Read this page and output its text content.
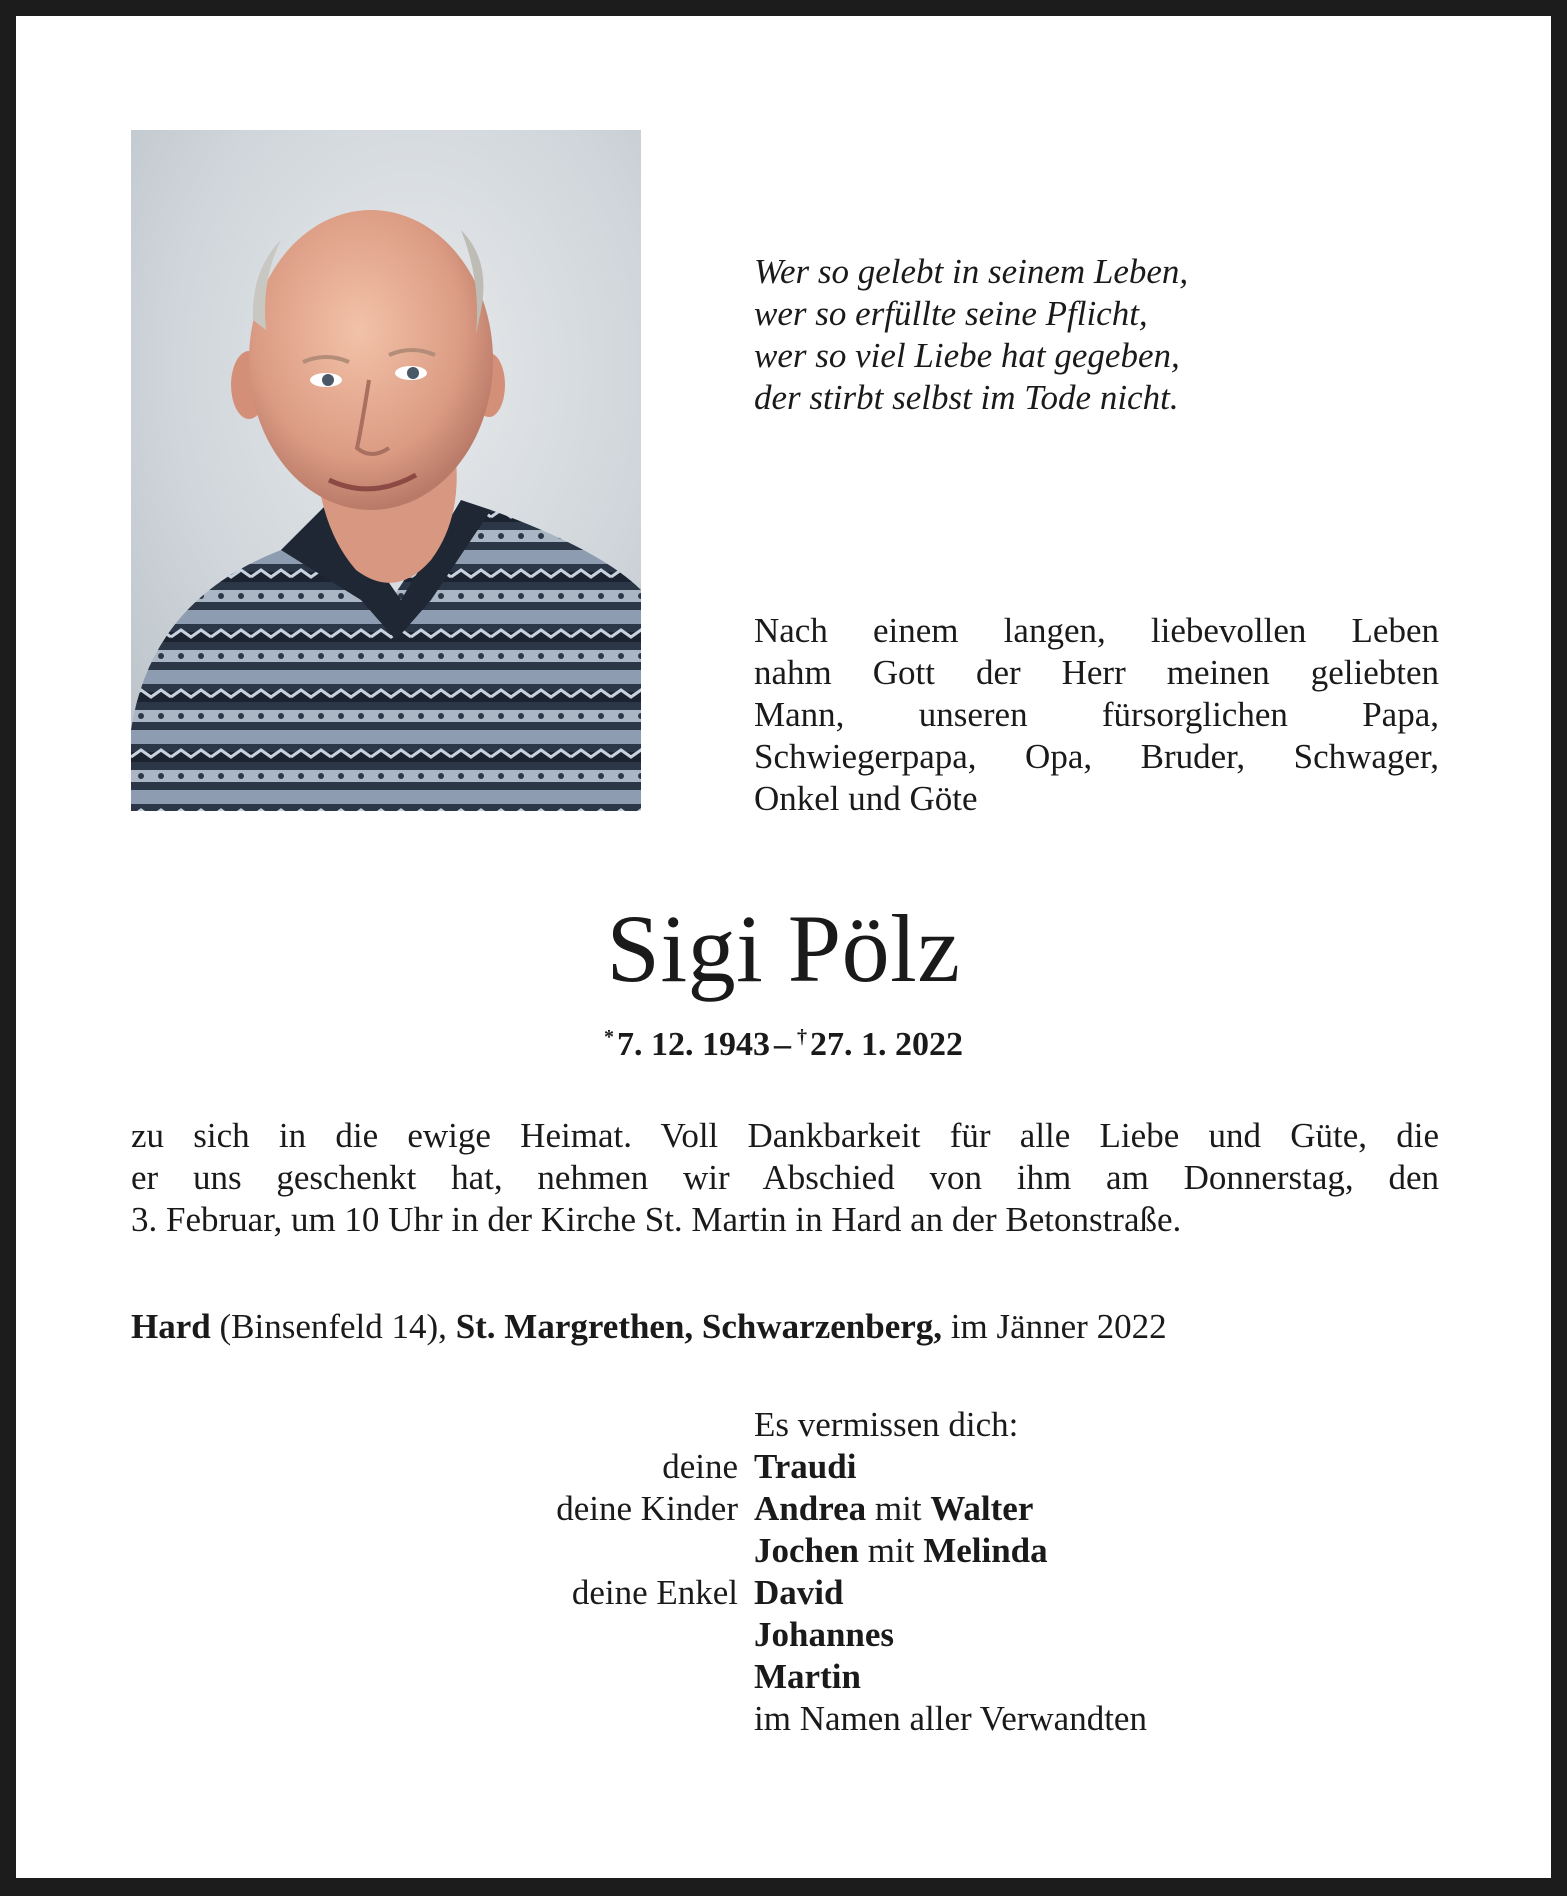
Wer so gelebt in seinem Leben,
wer so erfüllte seine Pflicht,
wer so viel Liebe hat gegeben,
der stirbt selbst im Tode nicht.
Nach einem langen, liebevollen Leben
nahm Gott der Herr meinen geliebten
Mann, unseren fürsorglichen Papa,
Schwiegerpapa, Opa, Bruder, Schwager,
Onkel und Göte
Sigi Pölz
*7. 12. 1943 – †27. 1. 2022
zu sich in die ewige Heimat. Voll Dankbarkeit für alle Liebe und Güte, die
er uns geschenkt hat, nehmen wir Abschied von ihm am Donnerstag, den
3. Februar, um 10 Uhr in der Kirche St. Martin in Hard an der Betonstraße.
Hard (Binsenfeld 14), St. Margrethen, Schwarzenberg, im Jänner 2022
Es vermissen dich:
deine Traudi
deine Kinder Andrea mit Walter
Jochen mit Melinda
deine Enkel David
Johannes
Martin
im Namen aller Verwandten
